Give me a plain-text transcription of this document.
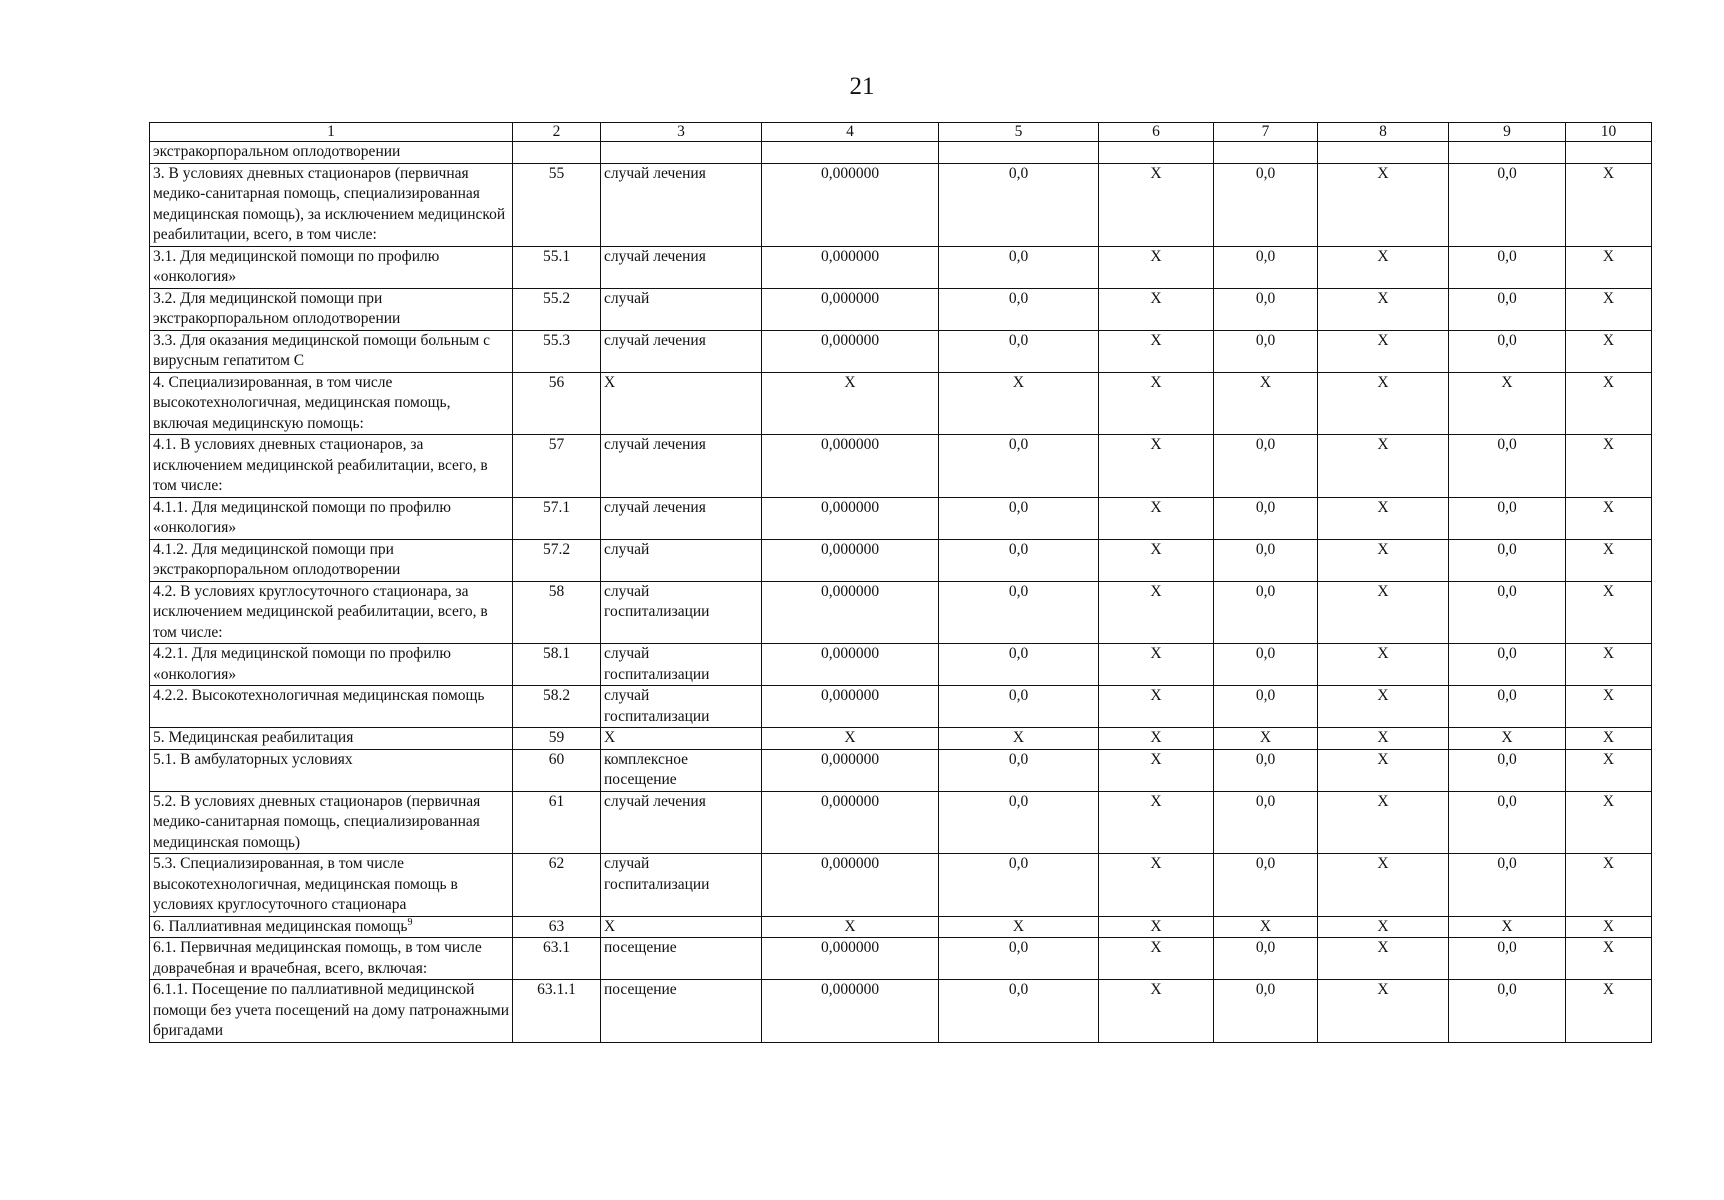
21
1	2	3	4	5	6	7	8	9	10
экстракорпоральном оплодотворении									
3. В условиях дневных стационаров (первичная медико-санитарная помощь, специализированная медицинская помощь), за исключением медицинской реабилитации, всего, в том числе:	55	случай лечения	0,000000	0,0	X	0,0	X	0,0	X
3.1. Для медицинской помощи по профилю «онкология»	55.1	случай лечения	0,000000	0,0	X	0,0	X	0,0	X
3.2. Для медицинской помощи при экстракорпоральном оплодотворении	55.2	случай	0,000000	0,0	X	0,0	X	0,0	X
3.3. Для оказания медицинской помощи больным с вирусным гепатитом С	55.3	случай лечения	0,000000	0,0	X	0,0	X	0,0	X
4. Специализированная, в том числе высокотехнологичная, медицинская помощь, включая медицинскую помощь:	56	X	X	X	X	X	X	X	X
4.1. В условиях дневных стационаров, за исключением медицинской реабилитации, всего, в том числе:	57	случай лечения	0,000000	0,0	X	0,0	X	0,0	X
4.1.1. Для медицинской помощи по профилю «онкология»	57.1	случай лечения	0,000000	0,0	X	0,0	X	0,0	X
4.1.2. Для медицинской помощи при экстракорпоральном оплодотворении	57.2	случай	0,000000	0,0	X	0,0	X	0,0	X
4.2. В условиях круглосуточного стационара, за исключением медицинской реабилитации, всего, в том числе:	58	случай госпитализации	0,000000	0,0	X	0,0	X	0,0	X
4.2.1. Для медицинской помощи по профилю «онкология»	58.1	случай госпитализации	0,000000	0,0	X	0,0	X	0,0	X
4.2.2. Высокотехнологичная медицинская помощь	58.2	случай госпитализации	0,000000	0,0	X	0,0	X	0,0	X
5. Медицинская реабилитация	59	X	X	X	X	X	X	X	X
5.1. В амбулаторных условиях	60	комплексное посещение	0,000000	0,0	X	0,0	X	0,0	X
5.2. В условиях дневных стационаров (первичная медико-санитарная помощь, специализированная медицинская помощь)	61	случай лечения	0,000000	0,0	X	0,0	X	0,0	X
5.3. Специализированная, в том числе высокотехнологичная, медицинская помощь в условиях круглосуточного стационара	62	случай госпитализации	0,000000	0,0	X	0,0	X	0,0	X
6. Паллиативная медицинская помощь$^9$	63	X	X	X	X	X	X	X	X
6.1. Первичная медицинская помощь, в том числе доврачебная и врачебная, всего, включая:	63.1	посещение	0,000000	0,0	X	0,0	X	0,0	X
6.1.1. Посещение по паллиативной медицинской помощи без учета посещений на дому патронажными бригадами	63.1.1	посещение	0,000000	0,0	X	0,0	X	0,0	X
